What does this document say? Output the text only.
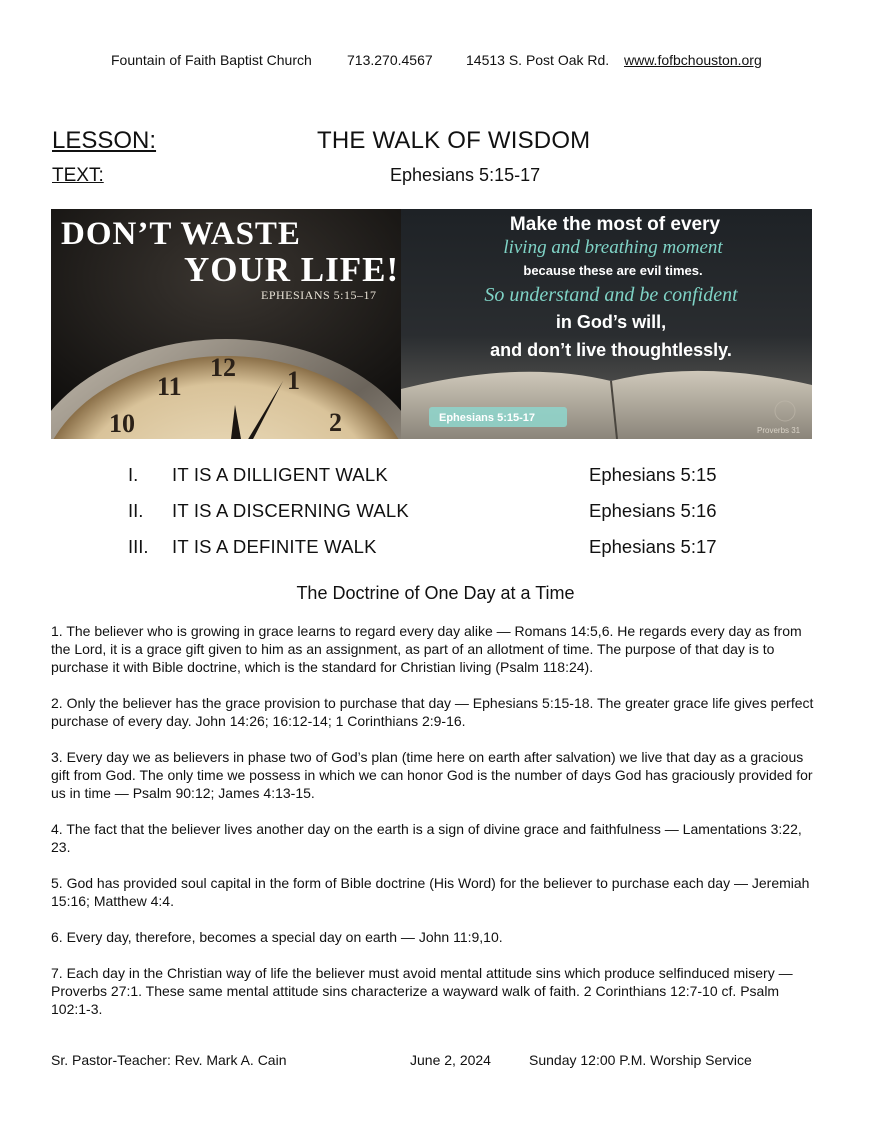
Fountain of Faith Baptist Church	713.270.4567 14513 S. Post Oak Rd. www.fofbchouston.org
LESSON:	THE WALK OF WISDOM
TEXT:	Ephesians 5:15-17
10
11
12 1
2
DON’T WASTE
YOUR LIFE!
EPHESIANS 5:15–17
Make the most of every
living and breathing moment
because these are evil times.
So understand and be confident
in God’s will,
and don’t live thoughtlessly.
Ephesians 5:15-17
Proverbs 31
I. IT IS A DILLIGENT WALK	Ephesians 5:15
II. IT IS A DISCERNING WALK	Ephesians 5:16
III. IT IS A DEFINITE WALK	Ephesians 5:17
The Doctrine of One Day at a Time

1. The believer who is growing in grace learns to regard every day alike — Romans 14:5,6. He regards every day as from the Lord, it is a grace gift given to him as an assignment, as part of an allotment of time. The purpose of that day is to purchase it with Bible doctrine, which is the standard for Christian living (Psalm 118:24).

2. Only the believer has the grace provision to purchase that day — Ephesians 5:15-18. The greater grace life gives perfect purchase of every day. John 14:26; 16:12-14; 1 Corinthians 2:9-16.

3. Every day we as believers in phase two of God’s plan (time here on earth after salvation) we live that day as a gracious gift from God. The only time we possess in which we can honor God is the number of days God has graciously provided for us in time — Psalm 90:12; James 4:13-15.

4. The fact that the believer lives another day on the earth is a sign of divine grace and faithfulness — Lamentations 3:22, 23.

5. God has provided soul capital in the form of Bible doctrine (His Word) for the believer to purchase each day — Jeremiah 15:16; Matthew 4:4.

6. Every day, therefore, becomes a special day on earth — John 11:9,10.

7. Each day in the Christian way of life the believer must avoid mental attitude sins which produce selfinduced misery — Proverbs 27:1. These same mental attitude sins characterize a wayward walk of faith. 2 Corinthians 12:7-10 cf. Psalm 102:1-3.

Sr. Pastor-Teacher: Rev. Mark A. Cain	June 2, 2024	Sunday 12:00 P.M. Worship Service
